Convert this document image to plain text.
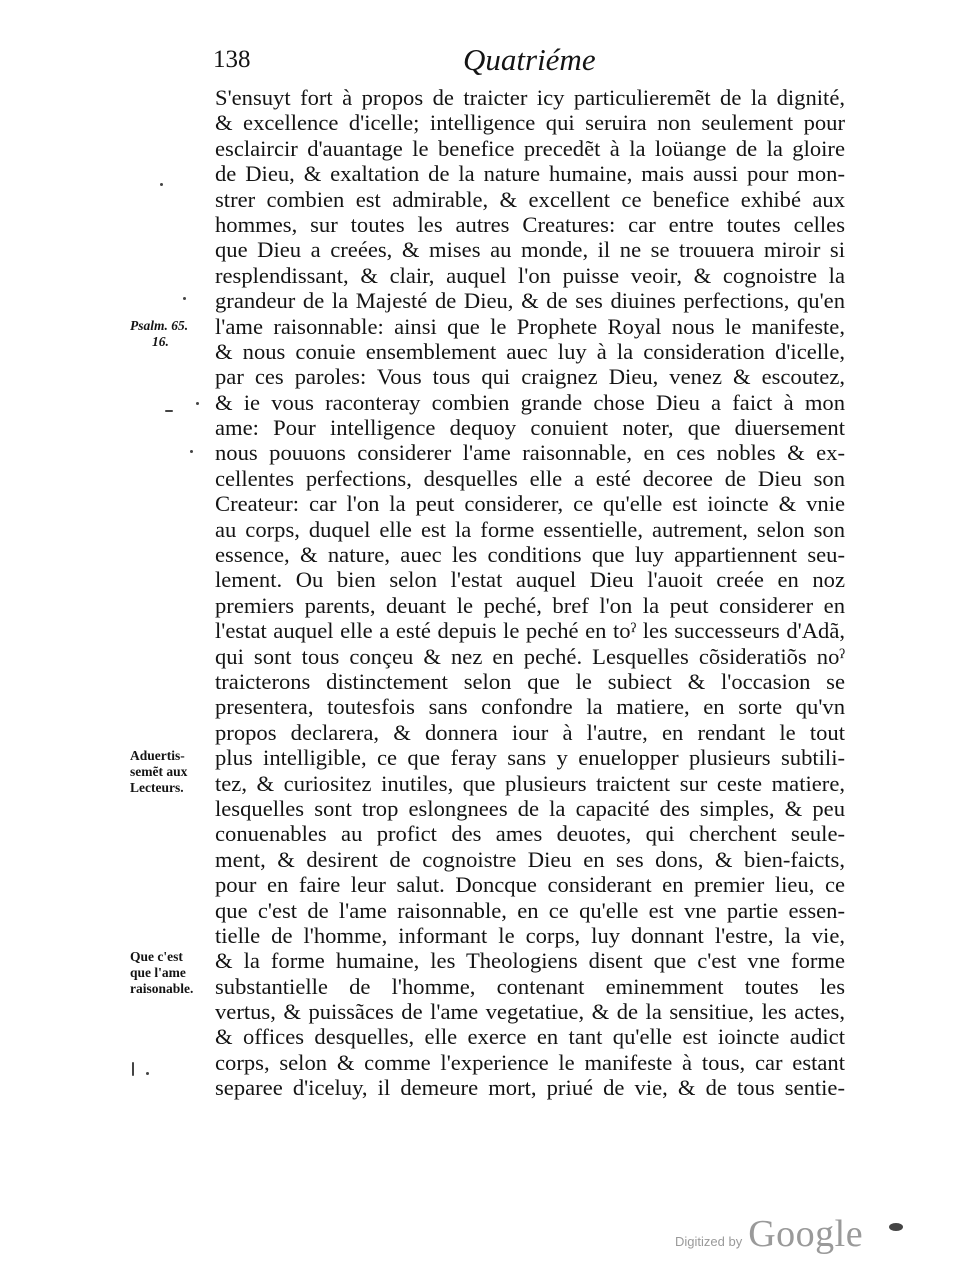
138	Quatriéme
S'ensuyt fort à propos de traicter icy particulieremẽt de la dignité,
& excellence d'icelle; intelligence qui seruira non seulement pour
esclaircir d'auantage le benefice precedẽt à la loüange de la gloire
de Dieu, & exaltation de la nature humaine, mais aussi pour mon-
strer combien est admirable, & excellent ce benefice exhibé aux
hommes, sur toutes les autres Creatures: car entre toutes celles
que Dieu a creées, & mises au monde, il ne se trouuera miroir si
resplendissant, & clair, auquel l'on puisse veoir, & cognoistre la
grandeur de la Majesté de Dieu, & de ses diuines perfections, qu'en
l'ame raisonnable: ainsi que le Prophete Royal nous le manifeste,
& nous conuie ensemblement auec luy à la consideration d'icelle,
par ces paroles: Vous tous qui craignez Dieu, venez & escoutez,
& ie vous raconteray combien grande chose Dieu a faict à mon
ame: Pour intelligence dequoy conuient noter, que diuersement
nous pouuons considerer l'ame raisonnable, en ces nobles & ex-
cellentes perfections, desquelles elle a esté decoree de Dieu son
Createur: car l'on la peut considerer, ce qu'elle est ioincte & vnie
au corps, duquel elle est la forme essentielle, autrement, selon son
essence, & nature, auec les conditions que luy appartiennent seu-
lement. Ou bien selon l'estat auquel Dieu l'auoit creée en noz
premiers parents, deuant le peché, bref l'on la peut considerer en
l'estat auquel elle a esté depuis le peché en toˀ les successeurs d'Adã,
qui sont tous conçeu & nez en peché. Lesquelles cõsideratiõs noˀ
traicterons distinctement selon que le subiect & l'occasion se
presentera, toutesfois sans confondre la matiere, en sorte qu'vn
propos declarera, & donnera iour à l'autre, en rendant le tout
plus intelligible, ce que feray sans y enuelopper plusieurs subtili-
tez, & curiositez inutiles, que plusieurs traictent sur ceste matiere,
lesquelles sont trop eslongnees de la capacité des simples, & peu
conuenables au profict des ames deuotes, qui cherchent seule-
ment, & desirent de cognoistre Dieu en ses dons, & bien-faicts,
pour en faire leur salut. Doncque considerant en premier lieu, ce
que c'est de l'ame raisonnable, en ce qu'elle est vne partie essen-
tielle de l'homme, informant le corps, luy donnant l'estre, la vie,
& la forme humaine, les Theologiens disent que c'est vne forme
substantielle de l'homme, contenant eminemment toutes les
vertus, & puissãces de l'ame vegetatiue, & de la sensitiue, les actes,
& offices desquelles, elle exerce en tant qu'elle est ioincte audict
corps, selon & comme l'experience le manifeste à tous, car estant
separee d'iceluy, il demeure mort, priué de vie, & de tous sentie-
Psalm. 65.
16.
Aduertis-
semẽt aux
Lecteurs.
Que c'est
que l'ame
raisonable.
Digitized by Google
